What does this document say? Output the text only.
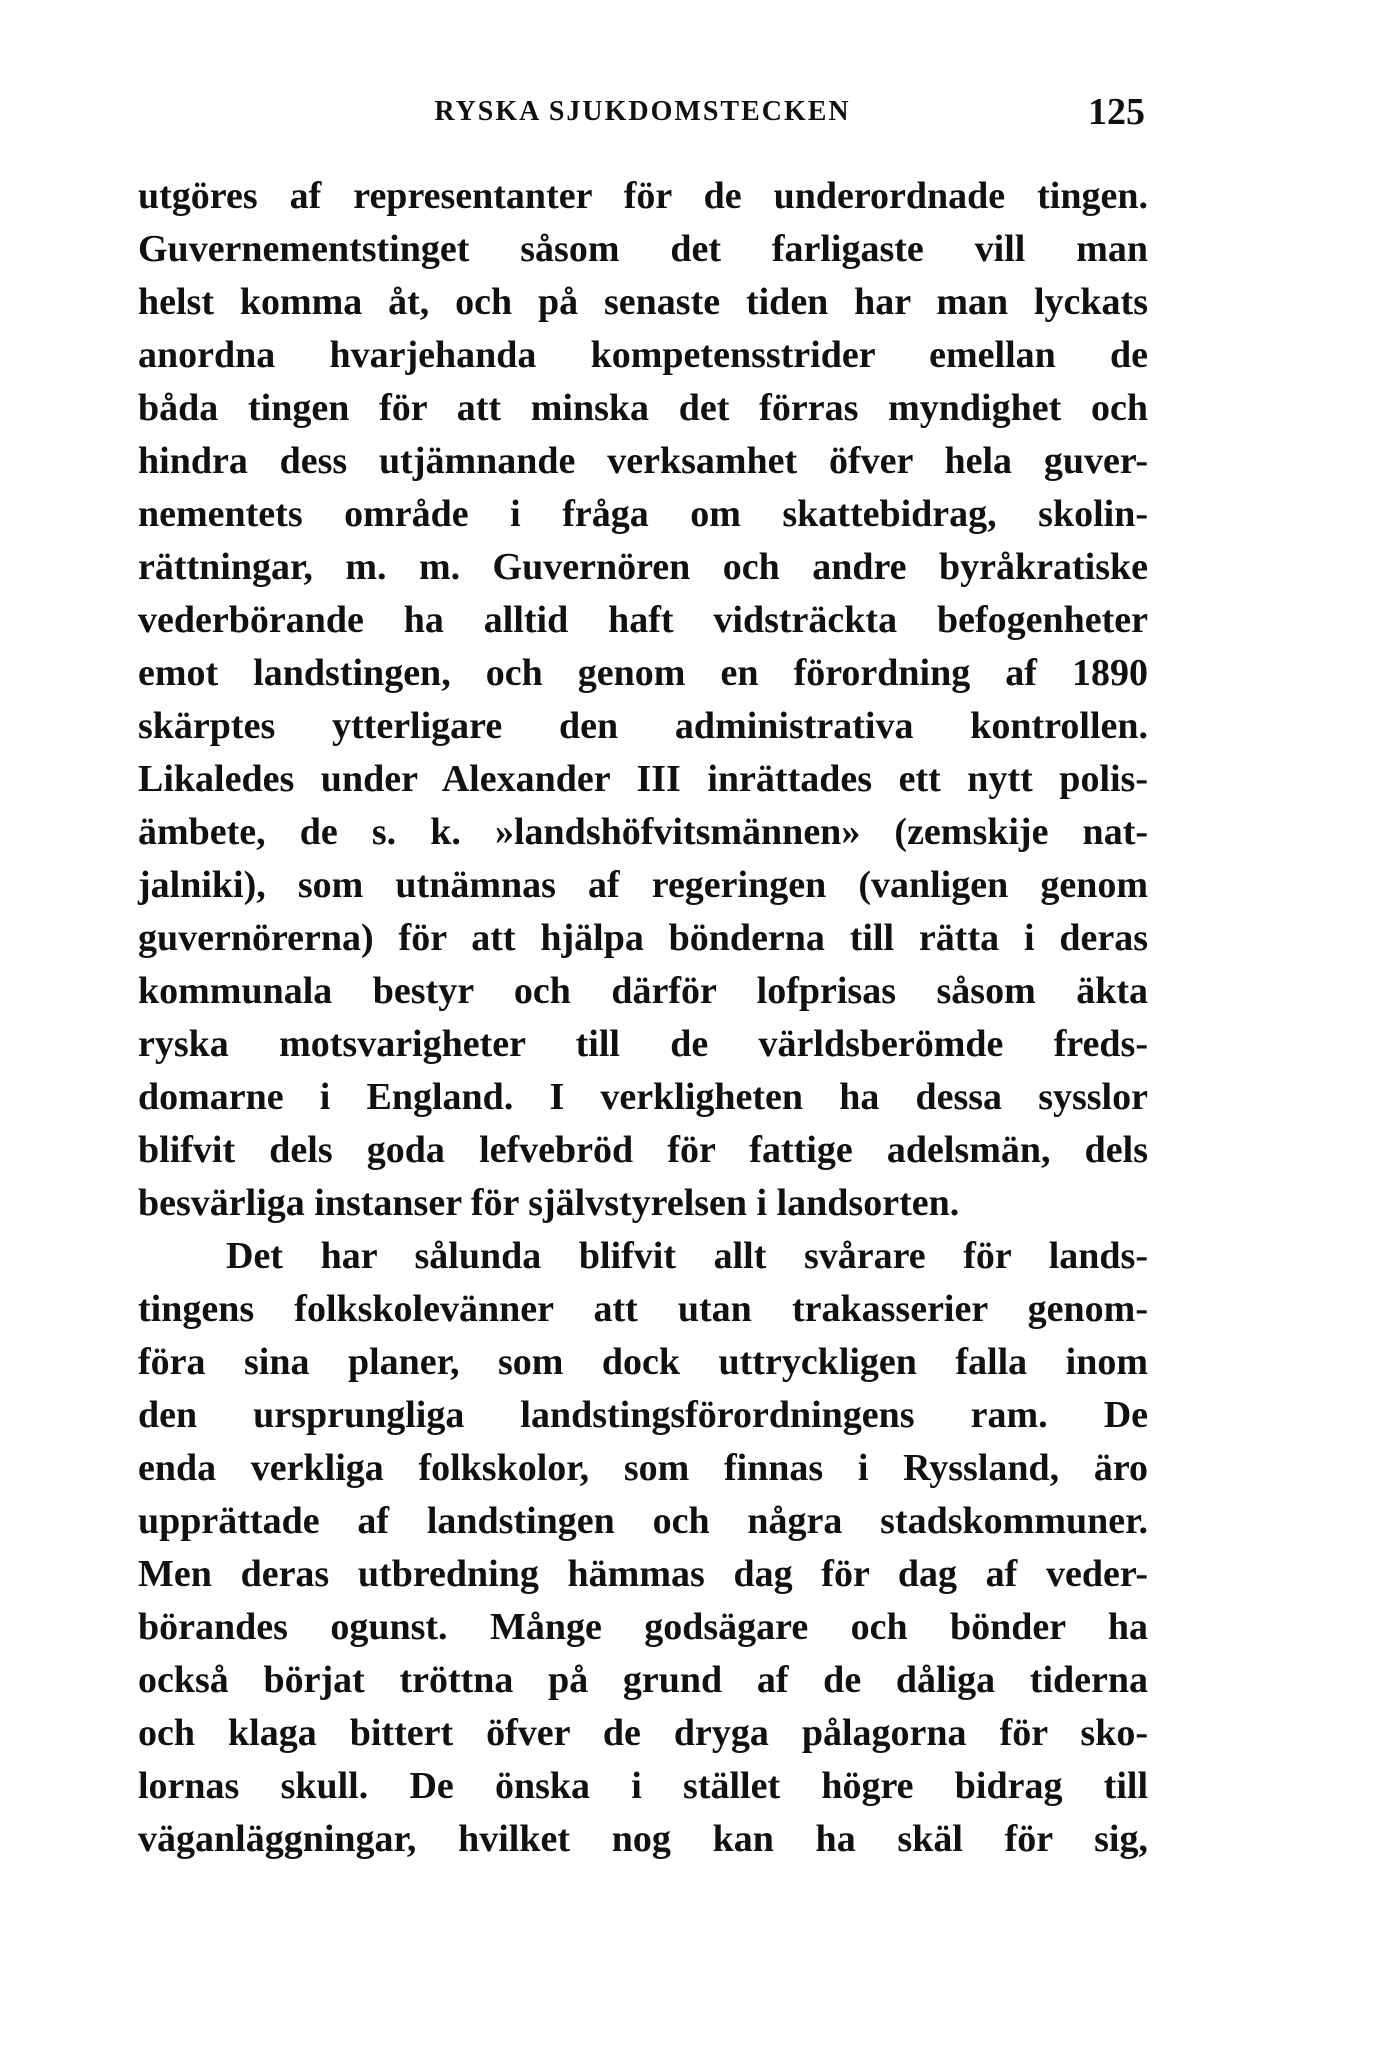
RYSKA SJUKDOMSTECKEN	125
utgöres af representanter för de underordnade tingen.
Guvernementstinget såsom det farligaste vill man
helst komma åt, och på senaste tiden har man lyckats
anordna hvarjehanda kompetensstrider emellan de
båda tingen för att minska det förras myndighet och
hindra dess utjämnande verksamhet öfver hela guver-
nementets område i fråga om skattebidrag, skolin-
rättningar, m. m. Guvernören och andre byråkratiske
vederbörande ha alltid haft vidsträckta befogenheter
emot landstingen, och genom en förordning af 1890
skärptes ytterligare den administrativa kontrollen.
Likaledes under Alexander III inrättades ett nytt polis-
ämbete, de s. k. »landshöfvitsmännen» (zemskije nat-
jalniki), som utnämnas af regeringen (vanligen genom
guvernörerna) för att hjälpa bönderna till rätta i deras
kommunala bestyr och därför lofprisas såsom äkta
ryska motsvarigheter till de världsberömde freds-
domarne i England. I verkligheten ha dessa sysslor
blifvit dels goda lefvebröd för fattige adelsmän, dels
besvärliga instanser för självstyrelsen i landsorten.
Det har sålunda blifvit allt svårare för lands-
tingens folkskolevänner att utan trakasserier genom-
föra sina planer, som dock uttryckligen falla inom
den ursprungliga landstingsförordningens ram. De
enda verkliga folkskolor, som finnas i Ryssland, äro
upprättade af landstingen och några stadskommuner.
Men deras utbredning hämmas dag för dag af veder-
börandes ogunst. Månge godsägare och bönder ha
också börjat tröttna på grund af de dåliga tiderna
och klaga bittert öfver de dryga pålagorna för sko-
lornas skull. De önska i stället högre bidrag till
väganläggningar, hvilket nog kan ha skäl för sig,
